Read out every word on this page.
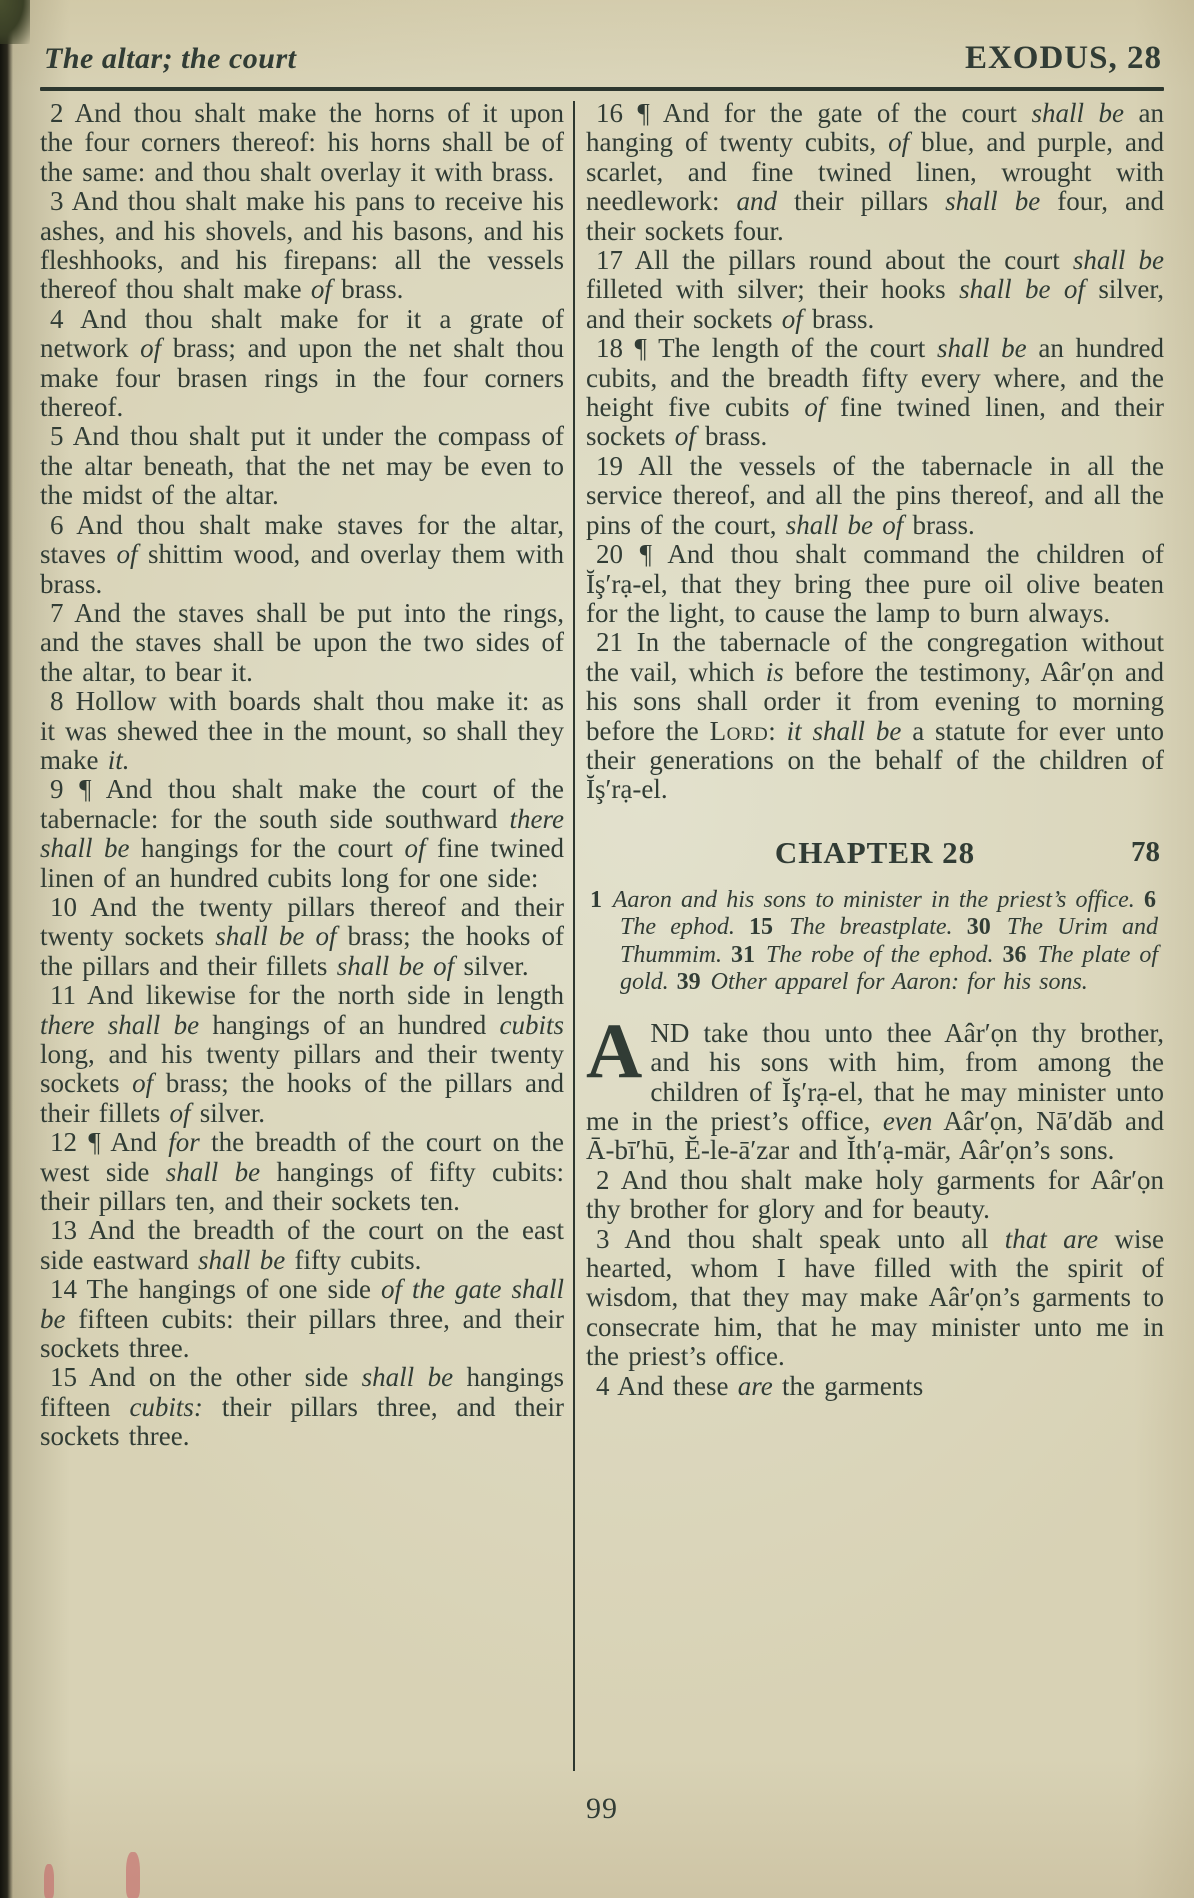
The altar; the court	EXODUS, 28

2 And thou shalt make the horns of it upon the four corners thereof: his horns shall be of the same: and thou shalt overlay it with brass.

3 And thou shalt make his pans to receive his ashes, and his shovels, and his basons, and his fleshhooks, and his firepans: all the vessels thereof thou shalt make of brass.

4 And thou shalt make for it a grate of network of brass; and upon the net shalt thou make four brasen rings in the four corners thereof.

5 And thou shalt put it under the compass of the altar beneath, that the net may be even to the midst of the altar.

6 And thou shalt make staves for the altar, staves of shittim wood, and overlay them with brass.

7 And the staves shall be put into the rings, and the staves shall be upon the two sides of the altar, to bear it.

8 Hollow with boards shalt thou make it: as it was shewed thee in the mount, so shall they make it.

9 ¶ And thou shalt make the court of the tabernacle: for the south side southward there shall be hangings for the court of fine twined linen of an hundred cubits long for one side:

10 And the twenty pillars thereof and their twenty sockets shall be of brass; the hooks of the pillars and their fillets shall be of silver.

11 And likewise for the north side in length there shall be hangings of an hundred cubits long, and his twenty pillars and their twenty sockets of brass; the hooks of the pillars and their fillets of silver.

12 ¶ And for the breadth of the court on the west side shall be hangings of fifty cubits: their pillars ten, and their sockets ten.

13 And the breadth of the court on the east side eastward shall be fifty cubits.

14 The hangings of one side of the gate shall be fifteen cubits: their pillars three, and their sockets three.

15 And on the other side shall be hangings fifteen cubits: their pillars three, and their sockets three.

16 ¶ And for the gate of the court shall be an hanging of twenty cubits, of blue, and purple, and scarlet, and fine twined linen, wrought with needlework: and their pillars shall be four, and their sockets four.

17 All the pillars round about the court shall be filleted with silver; their hooks shall be of silver, and their sockets of brass.

18 ¶ The length of the court shall be an hundred cubits, and the breadth fifty every where, and the height five cubits of fine twined linen, and their sockets of brass.

19 All the vessels of the tabernacle in all the service thereof, and all the pins thereof, and all the pins of the court, shall be of brass.

20 ¶ And thou shalt command the children of Ĭş′rạ-el, that they bring thee pure oil olive beaten for the light, to cause the lamp to burn always.

21 In the tabernacle of the congregation without the vail, which is before the testimony, Aâr′ọn and his sons shall order it from evening to morning before the Lord: it shall be a statute for ever unto their generations on the behalf of the children of Ĭş′rạ-el.

CHAPTER 28	78

1 Aaron and his sons to minister in the priest’s office. 6 The ephod. 15 The breastplate. 30 The Urim and Thummim. 31 The robe of the ephod. 36 The plate of gold. 39 Other apparel for Aaron: for his sons.

AND take thou unto thee Aâr′ọn thy brother, and his sons with him, from among the children of Ĭş′rạ-el, that he may minister unto me in the priest’s office, even Aâr′ọn, Nā′dăb and Ā-bī′hū, Ĕ-le-ā′zar and Ĭth′ạ-mär, Aâr′ọn’s sons.

2 And thou shalt make holy garments for Aâr′ọn thy brother for glory and for beauty.

3 And thou shalt speak unto all that are wise hearted, whom I have filled with the spirit of wisdom, that they may make Aâr′ọn’s garments to consecrate him, that he may minister unto me in the priest’s office.

4 And these are the garments

99
